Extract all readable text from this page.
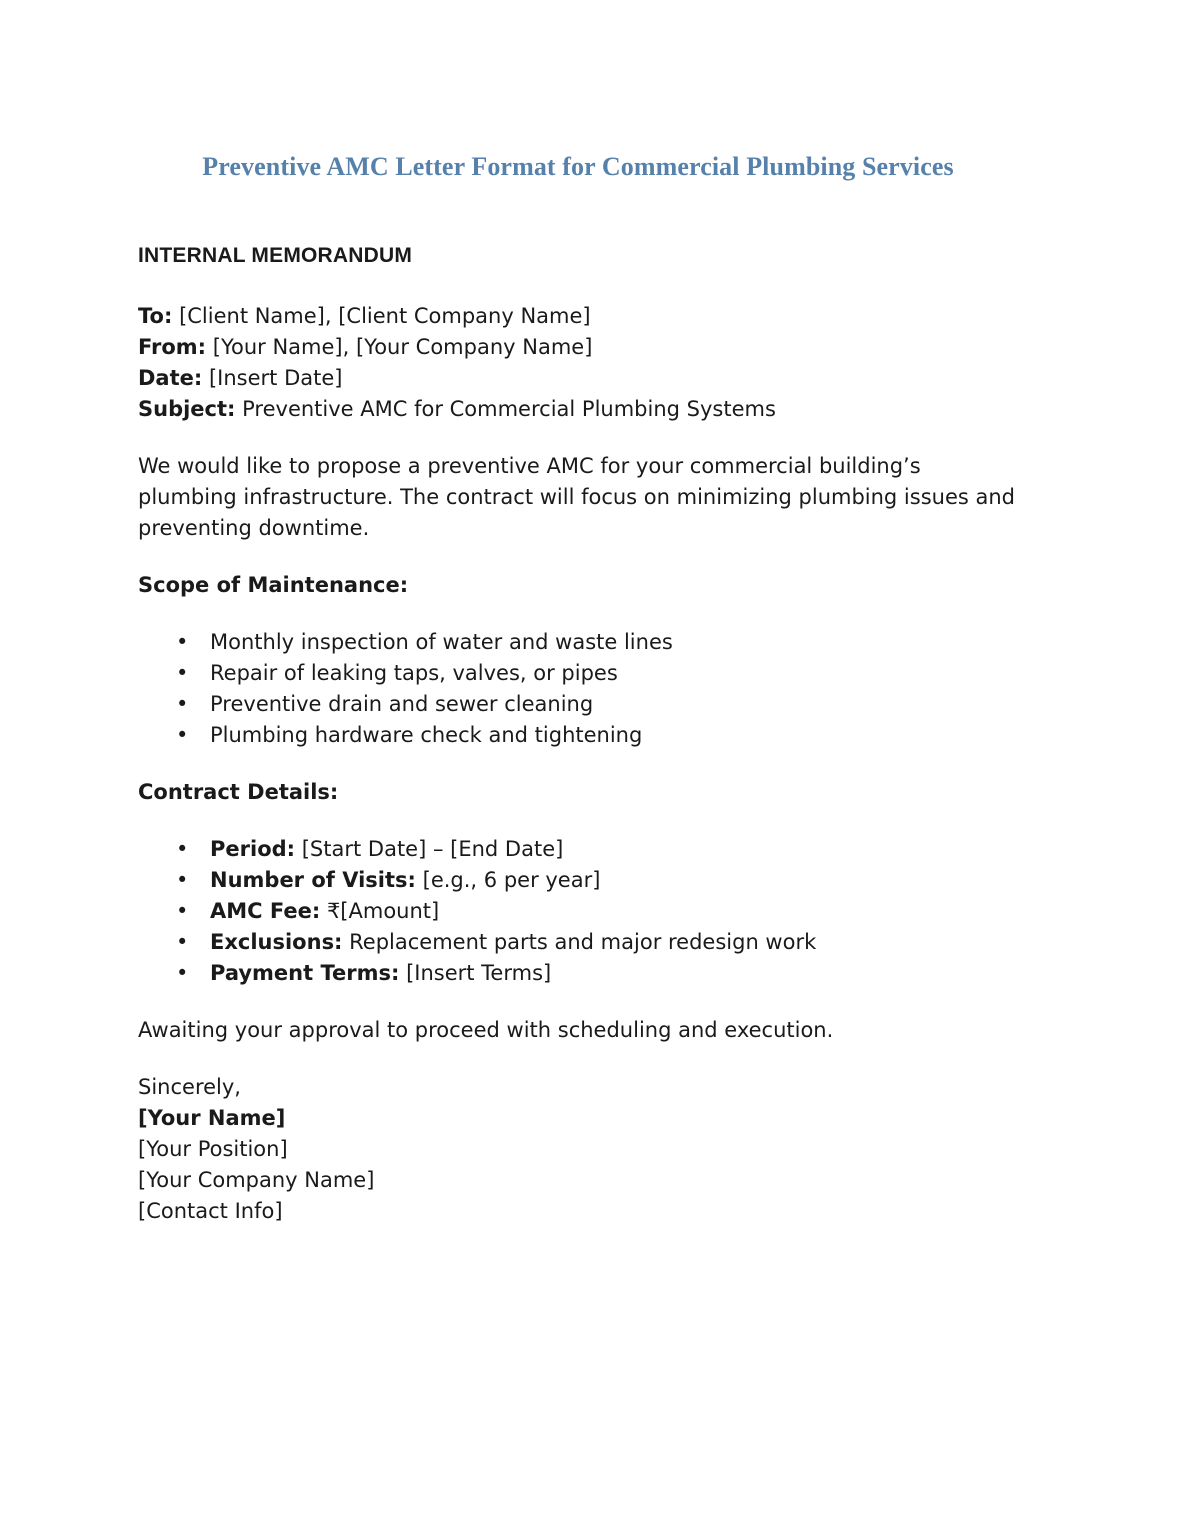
Preventive AMC Letter Format for Commercial Plumbing Services
INTERNAL MEMORANDUM
To: [Client Name], [Client Company Name]
From: [Your Name], [Your Company Name]
Date: [Insert Date]
Subject: Preventive AMC for Commercial Plumbing Systems

We would like to propose a preventive AMC for your commercial building’s plumbing infrastructure. The contract will focus on minimizing plumbing issues and preventing downtime.

Scope of Maintenance:
• Monthly inspection of water and waste lines
• Repair of leaking taps, valves, or pipes
• Preventive drain and sewer cleaning
• Plumbing hardware check and tightening
Contract Details:
• Period: [Start Date] – [End Date]
• Number of Visits: [e.g., 6 per year]
• AMC Fee: ₹[Amount]
• Exclusions: Replacement parts and major redesign work
• Payment Terms: [Insert Terms]

Awaiting your approval to proceed with scheduling and execution.

Sincerely,
[Your Name]
[Your Position]
[Your Company Name]
[Contact Info]
